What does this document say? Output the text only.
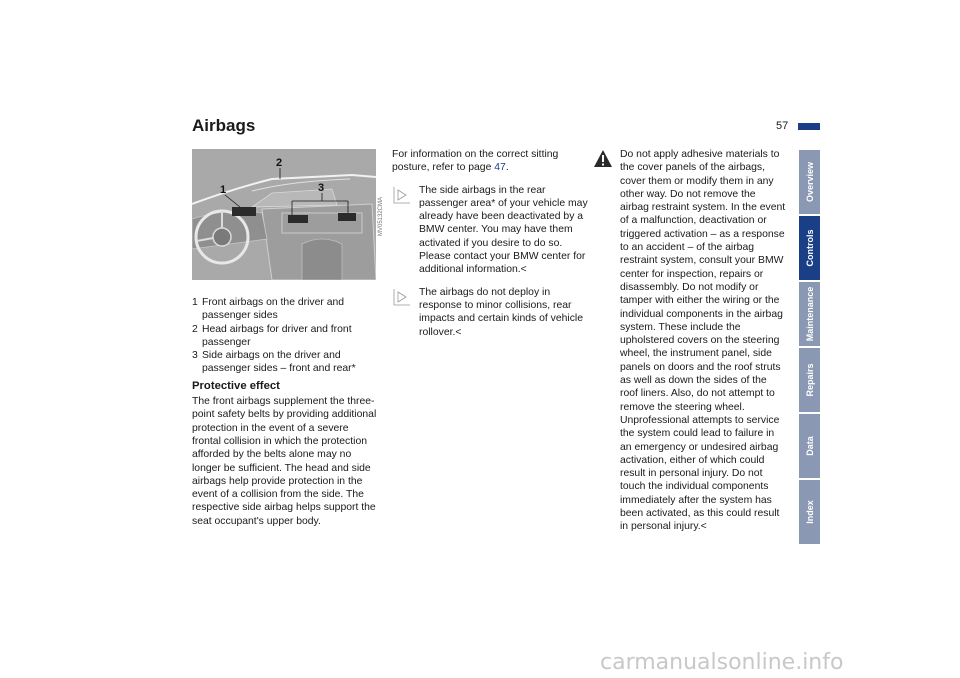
Airbags	57
1
2
3
MV05132CMA
1 Front airbags on the driver and passenger sides
2 Head airbags for driver and front passenger
3 Side airbags on the driver and passenger sides – front and rear*
Protective effect
The front airbags supplement the three-point safety belts by providing additional protection in the event of a severe frontal collision in which the protection afforded by the belts alone may no longer be sufficient. The head and side airbags help provide protection in the event of a collision from the side. The respective side airbag helps support the seat occupant's upper body.
For information on the correct sitting posture, refer to page 47.
The side airbags in the rear passenger area* of your vehicle may already have been deactivated by a BMW center. You may have them activated if you desire to do so. Please contact your BMW center for additional information.<
The airbags do not deploy in response to minor collisions, rear impacts and certain kinds of vehicle rollover.<
Do not apply adhesive materials to the cover panels of the airbags, cover them or modify them in any other way. Do not remove the airbag restraint system. In the event of a malfunction, deactivation or triggered activation – as a response to an accident – of the airbag restraint system, consult your BMW center for inspection, repairs or disassembly. Do not modify or tamper with either the wiring or the individual components in the airbag system. These include the upholstered covers on the steering wheel, the instrument panel, side panels on doors and the roof struts as well as down the sides of the roof liners. Also, do not attempt to remove the steering wheel. Unprofessional attempts to service the system could lead to failure in an emergency or undesired airbag activation, either of which could result in personal injury. Do not touch the individual components immediately after the system has been activated, as this could result in personal injury.<
Overview
Controls
Maintenance
Repairs
Data
Index
carmanualsonline.info
